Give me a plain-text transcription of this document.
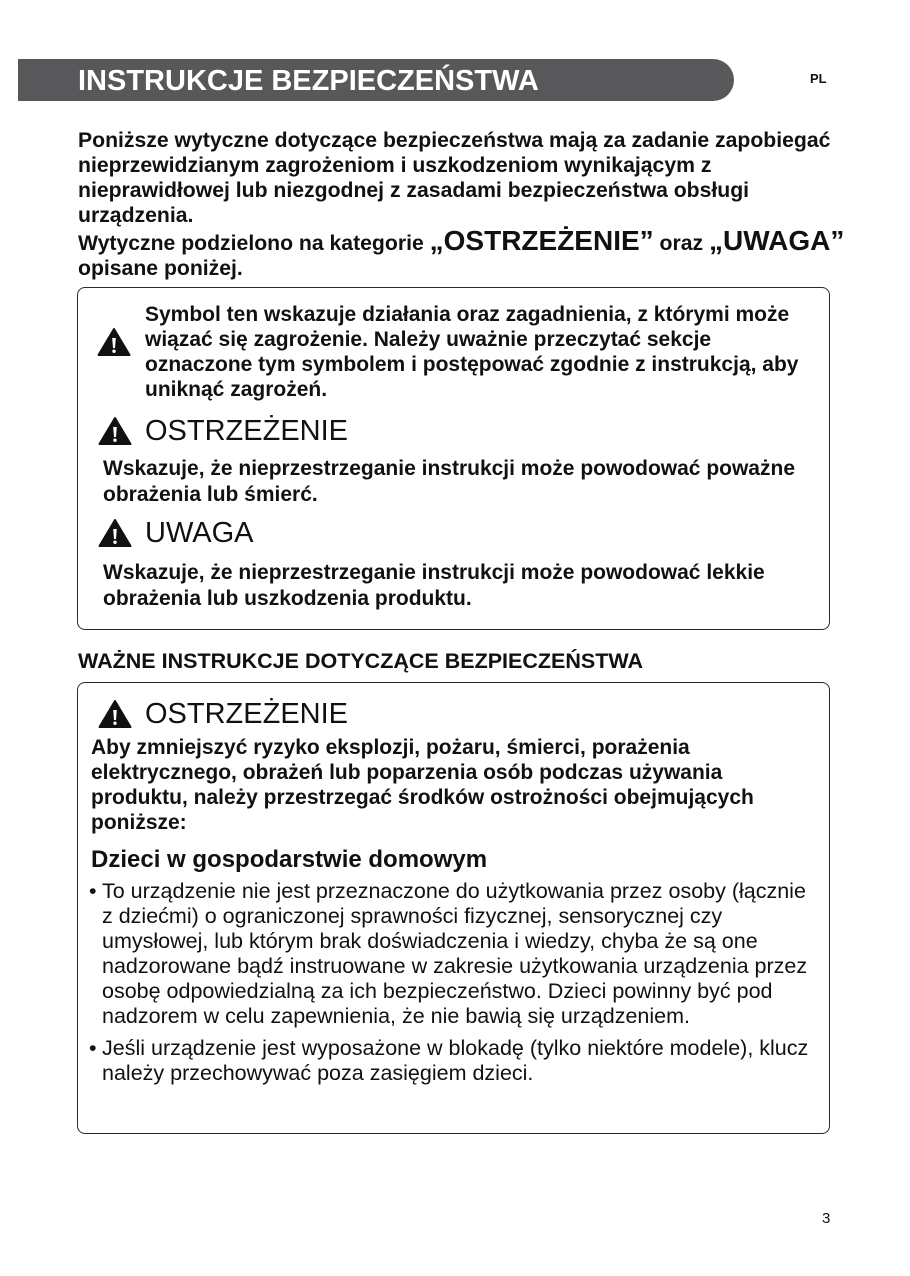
INSTRUKCJE BEZPIECZEŃSTWA	PL

Poniższe wytyczne dotyczące bezpieczeństwa mają za zadanie zapobiegać nieprzewidzianym zagrożeniom i uszkodzeniom wynikającym z nieprawidłowej lub niezgodnej z zasadami bezpieczeństwa obsługi urządzenia.

Wytyczne podzielono na kategorie „OSTRZEŻENIE” oraz „UWAGA” opisane poniżej.

Symbol ten wskazuje działania oraz zagadnienia, z którymi może wiązać się zagrożenie. Należy uważnie przeczytać sekcje oznaczone tym symbolem i postępować zgodnie z instrukcją, aby uniknąć zagrożeń.
OSTRZEŻENIE
Wskazuje, że nieprzestrzeganie instrukcji może powodować poważne obrażenia lub śmierć.
UWAGA
Wskazuje, że nieprzestrzeganie instrukcji może powodować lekkie obrażenia lub uszkodzenia produktu.
WAŻNE INSTRUKCJE DOTYCZĄCE BEZPIECZEŃSTWA
OSTRZEŻENIE
Aby zmniejszyć ryzyko eksplozji, pożaru, śmierci, porażenia elektrycznego, obrażeń lub poparzenia osób podczas używania produktu, należy przestrzegać środków ostrożności obejmujących poniższe:
Dzieci w gospodarstwie domowym
• To urządzenie nie jest przeznaczone do użytkowania przez osoby (łącznie z dziećmi) o ograniczonej sprawności fizycznej, sensorycznej czy umysłowej, lub którym brak doświadczenia i wiedzy, chyba że są one nadzorowane bądź instruowane w zakresie użytkowania urządzenia przez osobę odpowiedzialną za ich bezpieczeństwo. Dzieci powinny być pod nadzorem w celu zapewnienia, że nie bawią się urządzeniem.
• Jeśli urządzenie jest wyposażone w blokadę (tylko niektóre modele), klucz należy przechowywać poza zasięgiem dzieci.
3
